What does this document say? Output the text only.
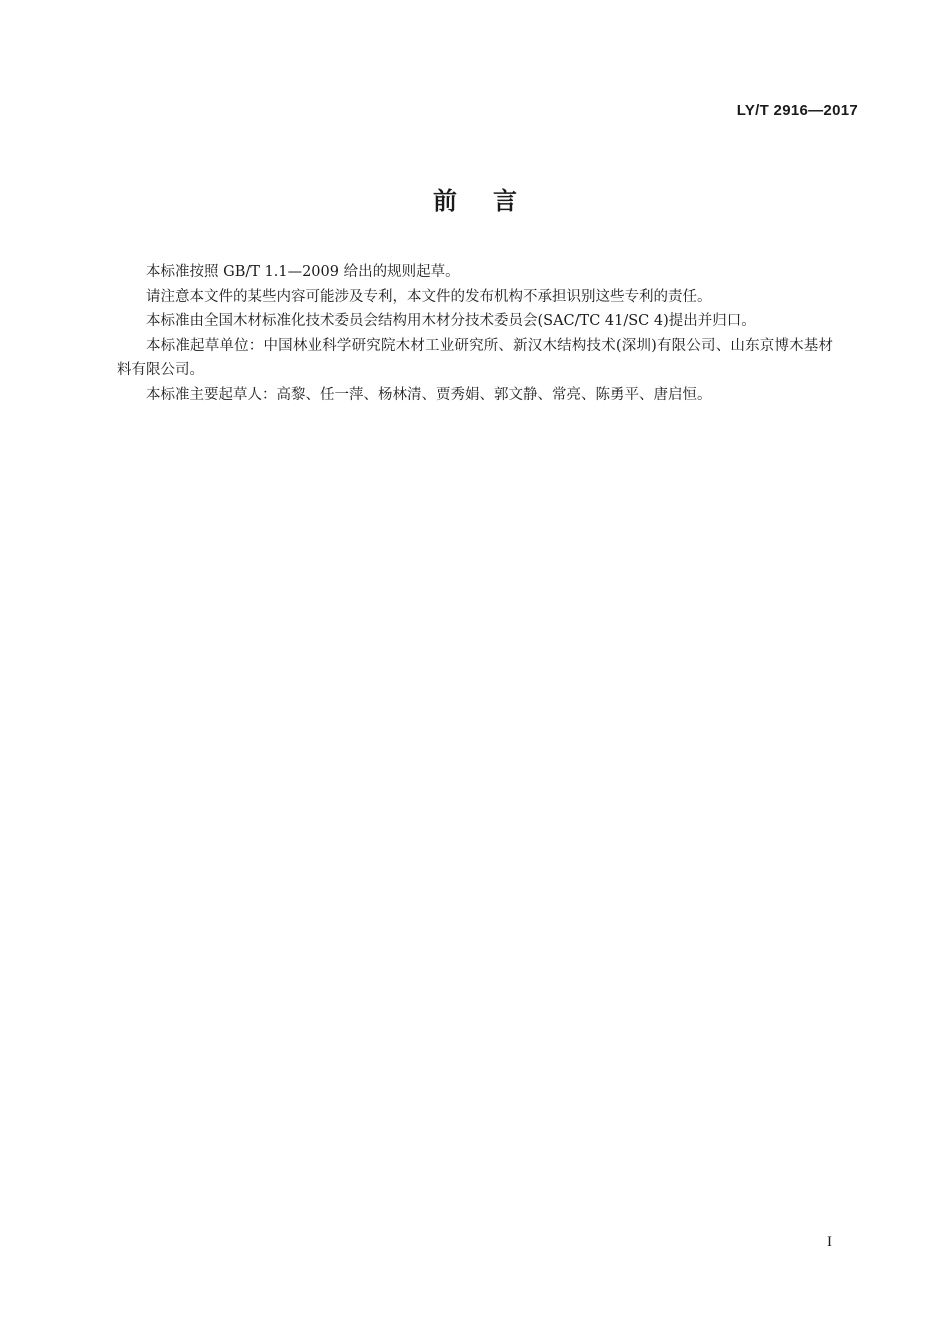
LY/T 2916—2017
前言

本标准按照 GB/T 1.1—2009 给出的规则起草。

请注意本文件的某些内容可能涉及专利，本文件的发布机构不承担识别这些专利的责任。

本标准由全国木材标准化技术委员会结构用木材分技术委员会(SAC/TC 41/SC 4)提出并归口。

本标准起草单位：中国林业科学研究院木材工业研究所、新汉木结构技术(深圳)有限公司、山东京博木基材料有限公司。

本标准主要起草人：高黎、任一萍、杨林清、贾秀娟、郭文静、常亮、陈勇平、唐启恒。

I
